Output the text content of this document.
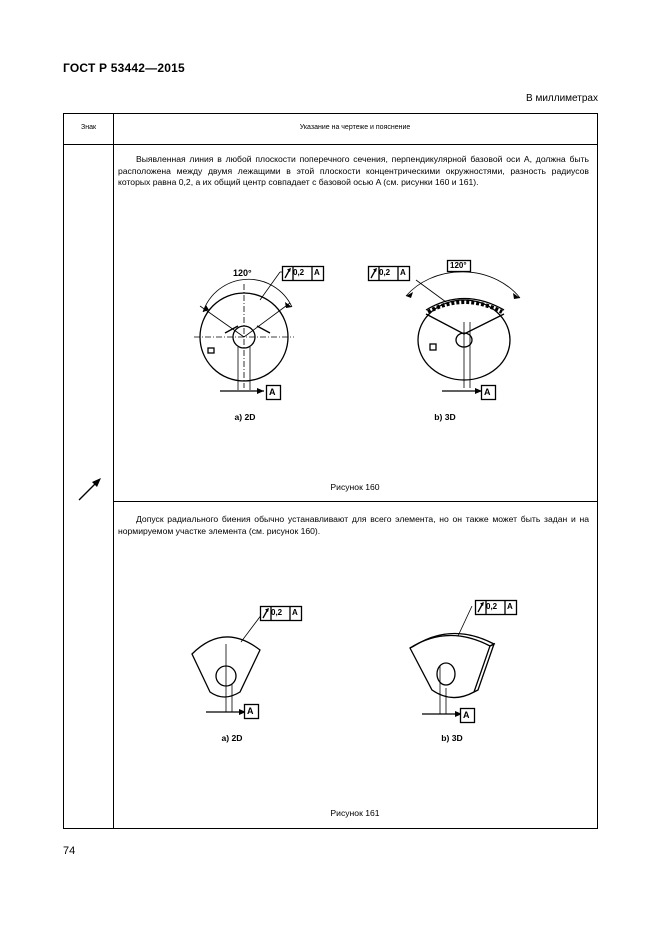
ГОСТ Р 53442—2015
В миллиметрах
Знак	Указание на чертеже и пояснение
Выявленная линия в любой плоскости поперечного сечения, перпендикулярной базовой оси A, должна быть расположена между двумя лежащими в этой плоскости концентрическими окружностями, разность радиусов которых равна 0,2, а их общий центр совпадает с базовой осью A (см. рисунки 160 и 161).
120°	0,2 A
A
а) 2D
0,2 A
120°
A
b) 3D
Рисунок 160
Допуск радиального биения обычно устанавливают для всего элемента, но он также может быть задан и на нормируемом участке элемента (см. рисунок 160).
0,2 A
A
а) 2D
0,2 A
A
b) 3D
Рисунок 161
74
